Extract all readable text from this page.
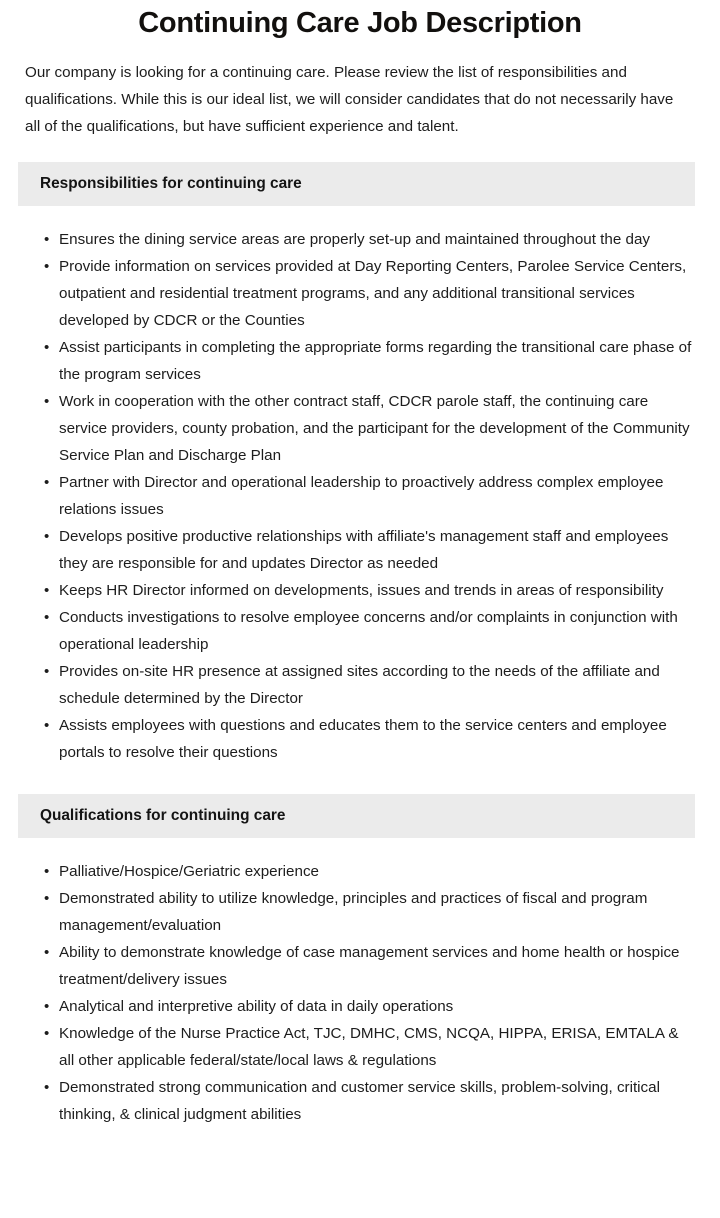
Continuing Care Job Description

Our company is looking for a continuing care. Please review the list of responsibilities and qualifications. While this is our ideal list, we will consider candidates that do not necessarily have all of the qualifications, but have sufficient experience and talent.

Responsibilities for continuing care
• Ensures the dining service areas are properly set-up and maintained throughout the day
• Provide information on services provided at Day Reporting Centers, Parolee Service Centers, outpatient and residential treatment programs, and any additional transitional services developed by CDCR or the Counties
• Assist participants in completing the appropriate forms regarding the transitional care phase of the program services
• Work in cooperation with the other contract staff, CDCR parole staff, the continuing care service providers, county probation, and the participant for the development of the Community Service Plan and Discharge Plan
• Partner with Director and operational leadership to proactively address complex employee relations issues
• Develops positive productive relationships with affiliate's management staff and employees they are responsible for and updates Director as needed
• Keeps HR Director informed on developments, issues and trends in areas of responsibility
• Conducts investigations to resolve employee concerns and/or complaints in conjunction with operational leadership
• Provides on-site HR presence at assigned sites according to the needs of the affiliate and schedule determined by the Director
• Assists employees with questions and educates them to the service centers and employee portals to resolve their questions
Qualifications for continuing care
• Palliative/Hospice/Geriatric experience
• Demonstrated ability to utilize knowledge, principles and practices of fiscal and program management/evaluation
• Ability to demonstrate knowledge of case management services and home health or hospice treatment/delivery issues
• Analytical and interpretive ability of data in daily operations
• Knowledge of the Nurse Practice Act, TJC, DMHC, CMS, NCQA, HIPPA, ERISA, EMTALA & all other applicable federal/state/local laws & regulations
• Demonstrated strong communication and customer service skills, problem-solving, critical thinking, & clinical judgment abilities
